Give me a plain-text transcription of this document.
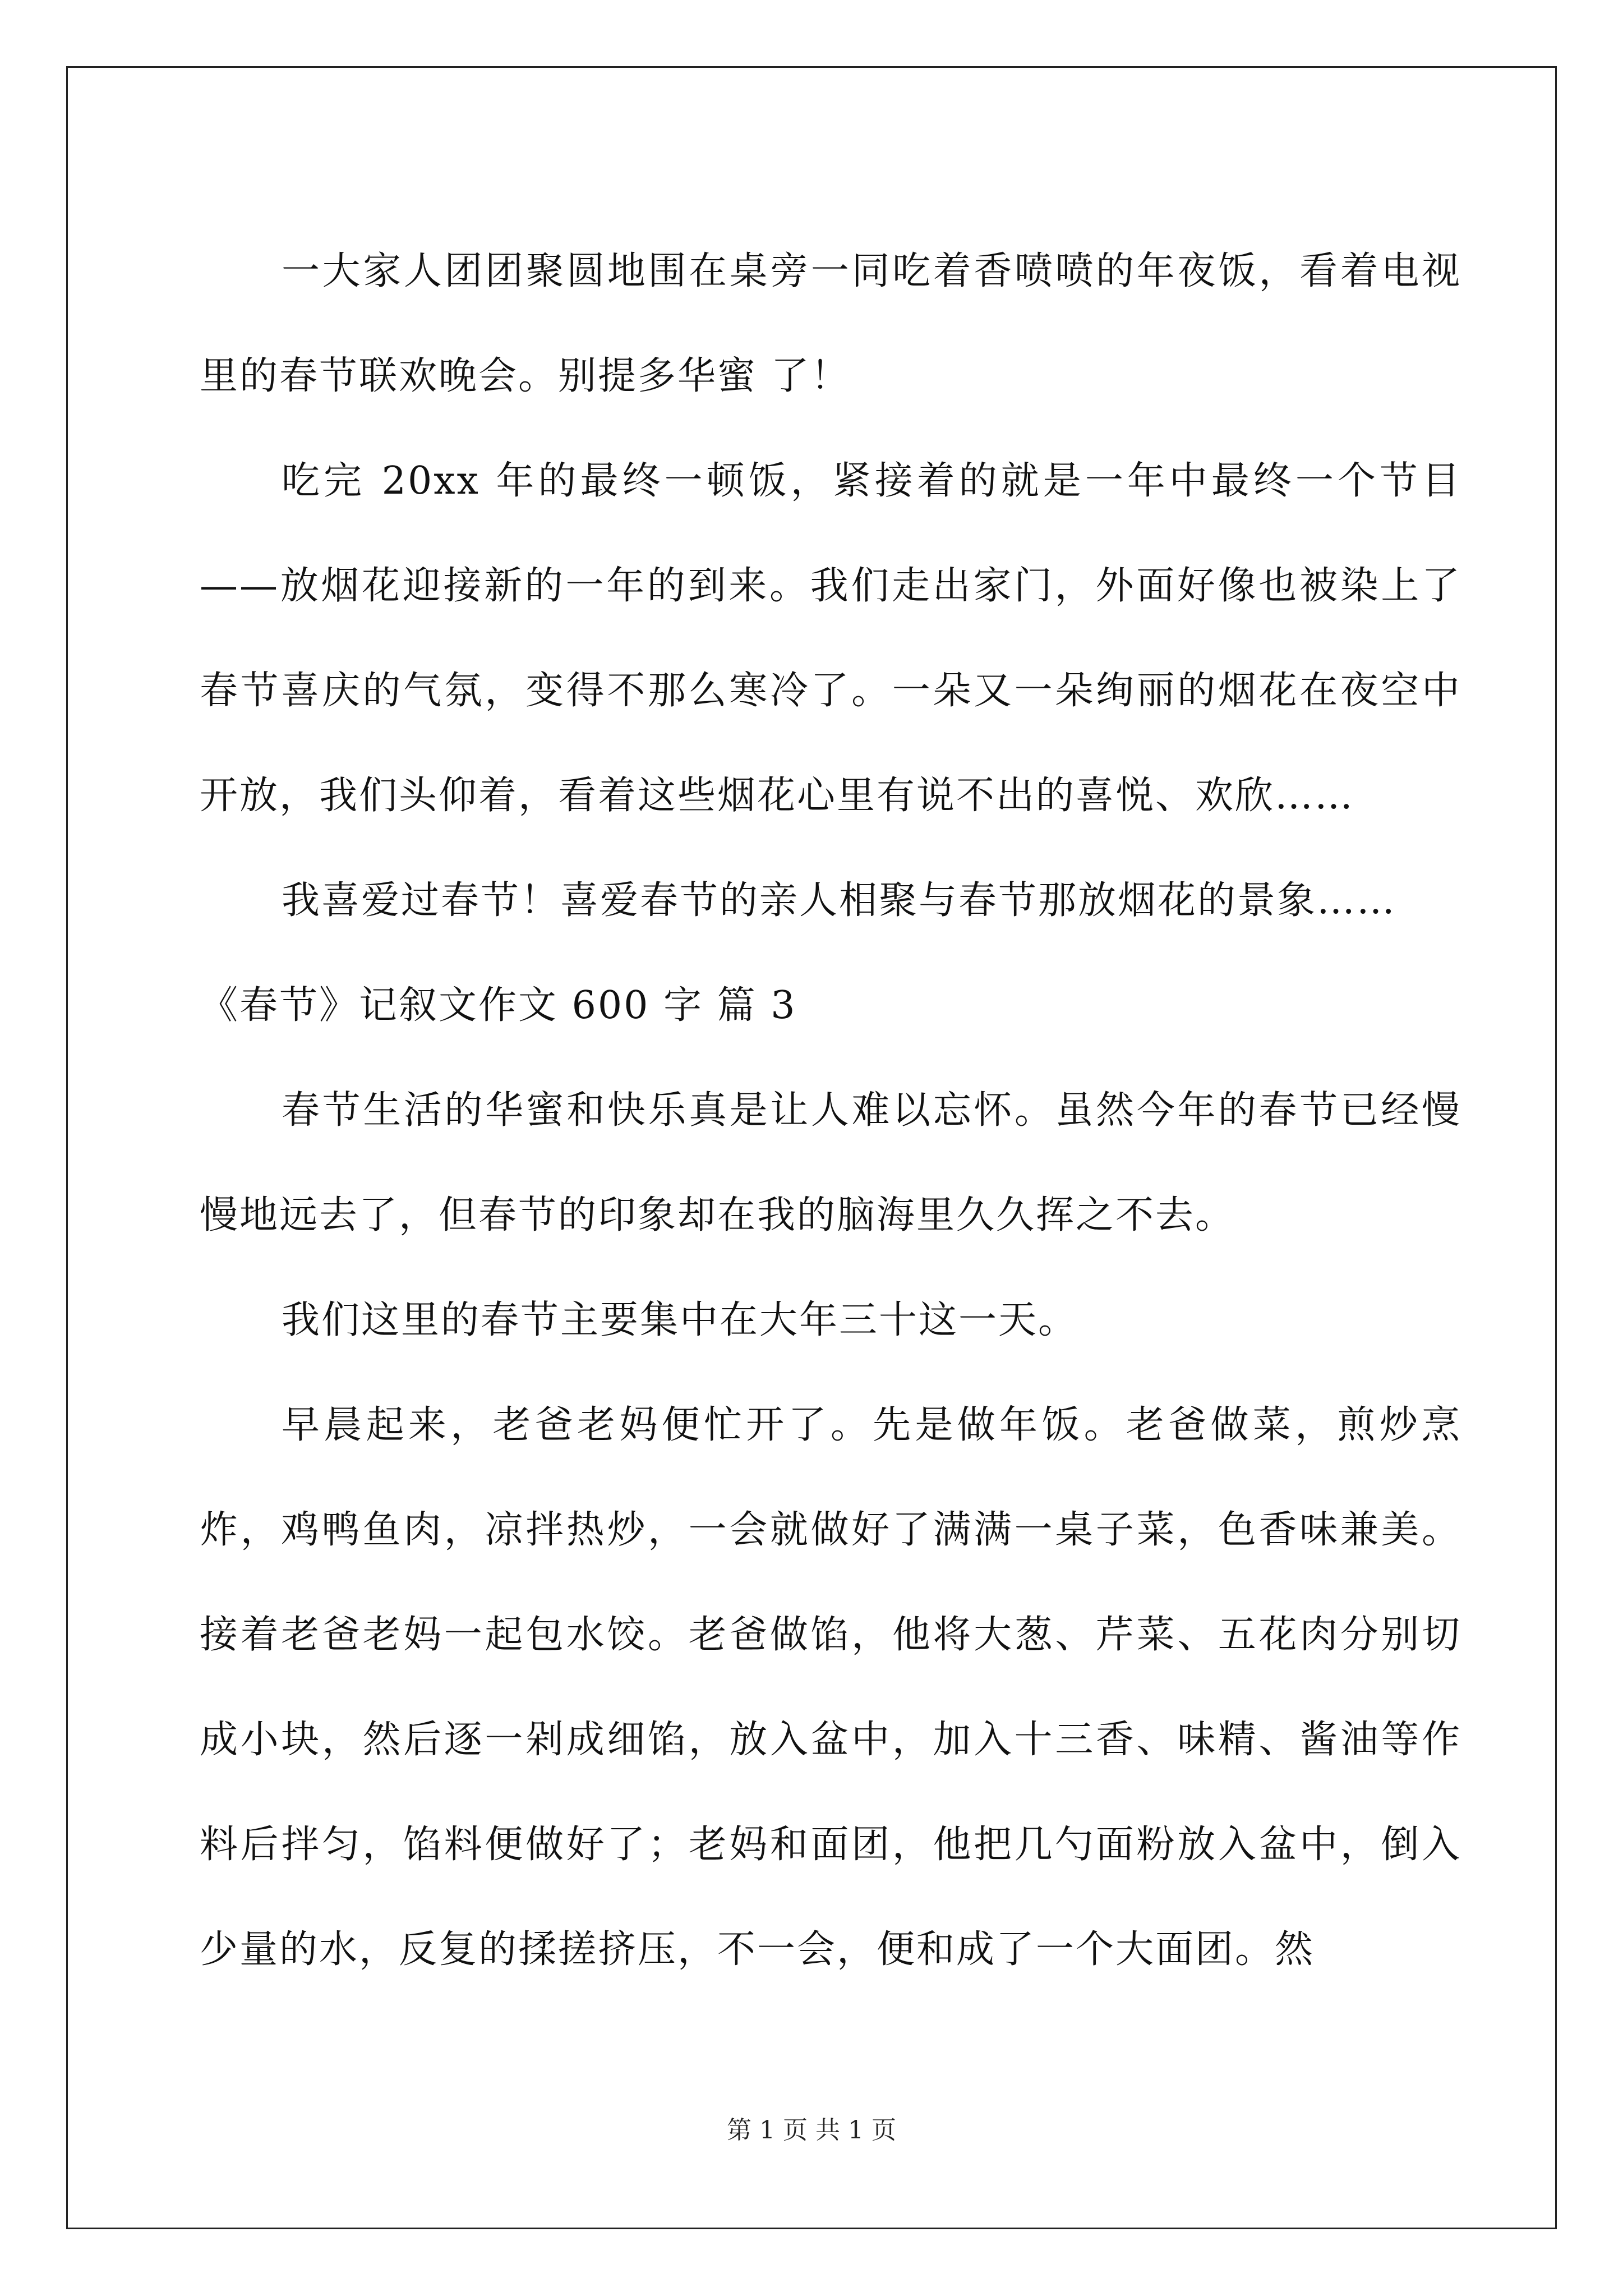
一大家人团团聚圆地围在桌旁一同吃着香喷喷的年夜饭，看着电视里的春节联欢晚会。别提多华蜜 了！

吃完 20xx 年的最终一顿饭，紧接着的就是一年中最终一个节目——放烟花迎接新的一年的到来。我们走出家门，外面好像也被染上了春节喜庆的气氛，变得不那么寒冷了。一朵又一朵绚丽的烟花在夜空中开放，我们头仰着，看着这些烟花心里有说不出的喜悦、欢欣……

我喜爱过春节！喜爱春节的亲人相聚与春节那放烟花的景象……

《春节》记叙文作文 600 字 篇 3

春节生活的华蜜和快乐真是让人难以忘怀。虽然今年的春节已经慢慢地远去了，但春节的印象却在我的脑海里久久挥之不去。

我们这里的春节主要集中在大年三十这一天。

早晨起来，老爸老妈便忙开了。先是做年饭。老爸做菜，煎炒烹炸，鸡鸭鱼肉，凉拌热炒，一会就做好了满满一桌子菜，色香味兼美。接着老爸老妈一起包水饺。老爸做馅，他将大葱、芹菜、五花肉分别切成小块，然后逐一剁成细馅，放入盆中，加入十三香、味精、酱油等作料后拌匀，馅料便做好了；老妈和面团，他把几勺面粉放入盆中，倒入少量的水，反复的揉搓挤压，不一会，便和成了一个大面团。然

第 1 页 共 1 页
